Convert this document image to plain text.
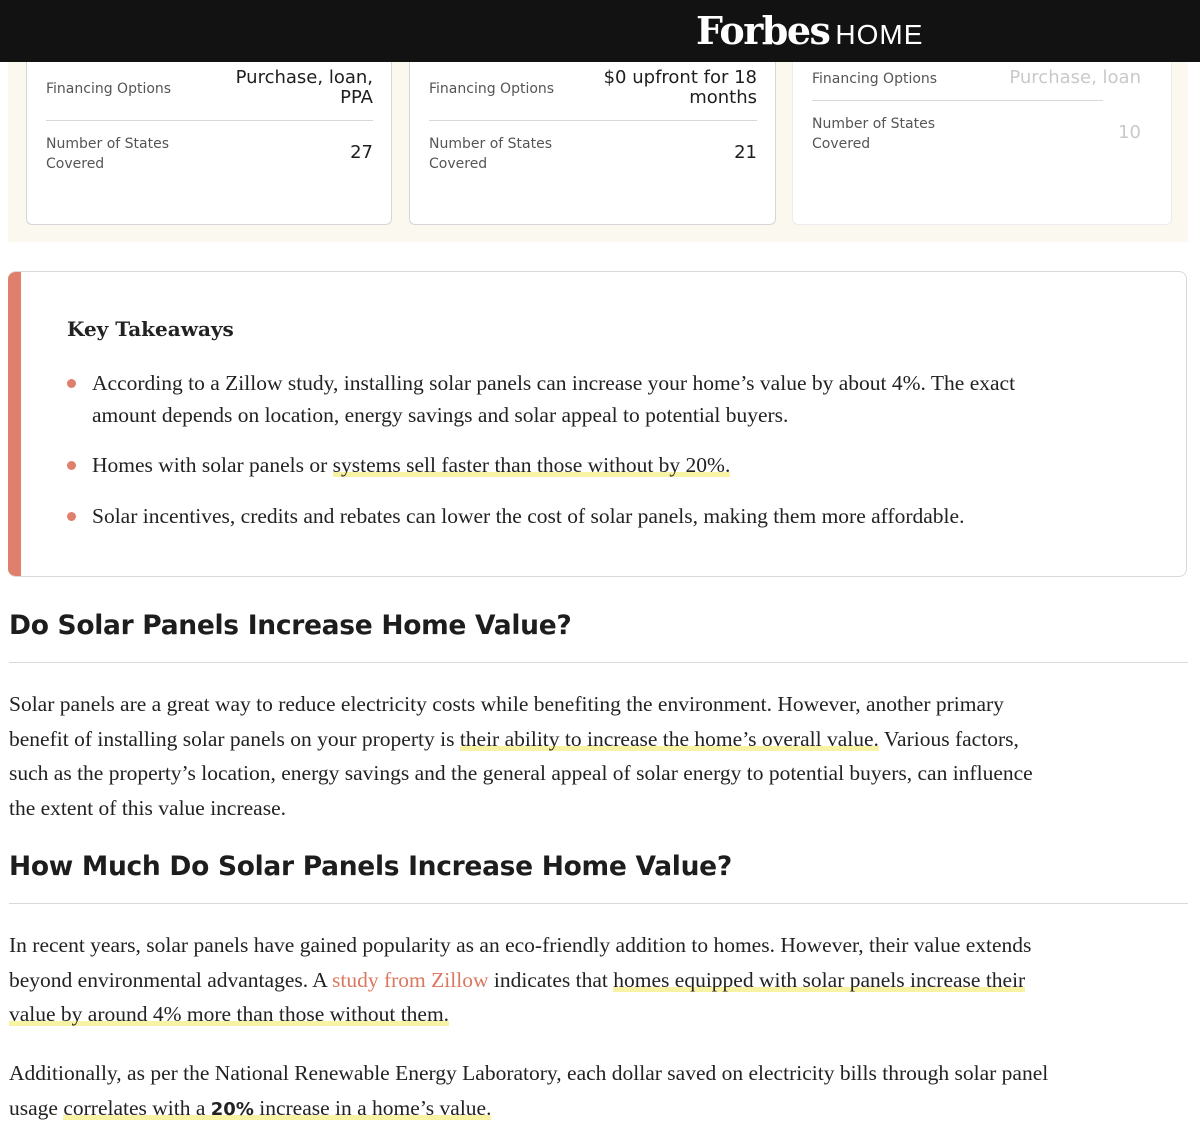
Forbes HOME
Financing Options
Purchase, loan,
PPA
Number of States
Covered
27
Financing Options
$0 upfront for 18
months
Number of States
Covered
21
Financing Options	Purchase, loan
Number of States
Covered
10
Key Takeaways
According to a Zillow study, installing solar panels can increase your home’s value by about 4%. The exact
amount depends on location, energy savings and solar appeal to potential buyers.
Homes with solar panels or systems sell faster than those without by 20%.
Solar incentives, credits and rebates can lower the cost of solar panels, making them more affordable.
Do Solar Panels Increase Home Value?
Solar panels are a great way to reduce electricity costs while benefiting the environment. However, another primary
benefit of installing solar panels on your property is their ability to increase the home’s overall value. Various factors,
such as the property’s location, energy savings and the general appeal of solar energy to potential buyers, can influence
the extent of this value increase.
How Much Do Solar Panels Increase Home Value?
In recent years, solar panels have gained popularity as an eco-friendly addition to homes. However, their value extends
beyond environmental advantages. A study from Zillow indicates that homes equipped with solar panels increase their
value by around 4% more than those without them.
Additionally, as per the National Renewable Energy Laboratory, each dollar saved on electricity bills through solar panel
usage correlates with a 20% increase in a home’s value.
